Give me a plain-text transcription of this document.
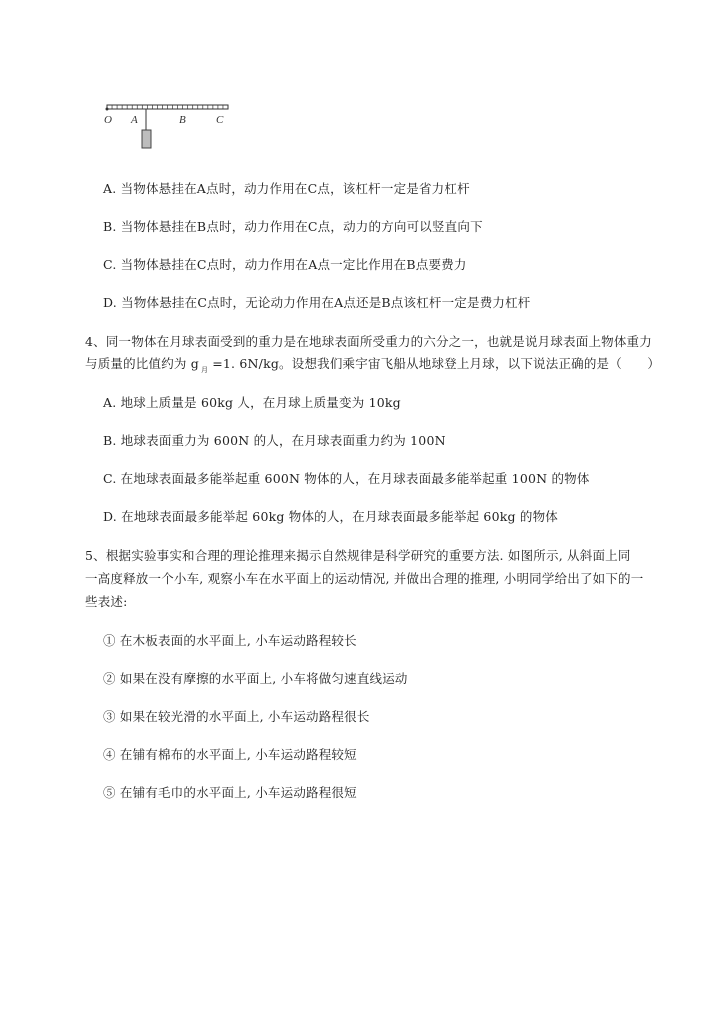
O A	B	C
A. 当物体悬挂在A点时，动力作用在C点，该杠杆一定是省力杠杆
B. 当物体悬挂在B点时，动力作用在C点，动力的方向可以竖直向下
C. 当物体悬挂在C点时，动力作用在A点一定比作用在B点要费力
D. 当物体悬挂在C点时，无论动力作用在A点还是B点该杠杆一定是费力杠杆
4、同一物体在月球表面受到的重力是在地球表面所受重力的六分之一，也就是说月球表面上物体重力
与质量的比值约为 g $_月$ =1. 6N/kg。设想我们乘宇宙飞船从地球登上月球，以下说法正确的是（　　）
A. 地球上质量是 60kg 人，在月球上质量变为 10kg
B. 地球表面重力为 600N 的人，在月球表面重力约为 100N
C. 在地球表面最多能举起重 600N 物体的人，在月球表面最多能举起重 100N 的物体
D. 在地球表面最多能举起 60kg 物体的人，在月球表面最多能举起 60kg 的物体
5、根据实验事实和合理的理论推理来揭示自然规律是科学研究的重要方法. 如图所示, 从斜面上同
一高度释放一个小车, 观察小车在水平面上的运动情况, 并做出合理的推理, 小明同学给出了如下的一
些表述:
① 在木板表面的水平面上, 小车运动路程较长
② 如果在没有摩擦的水平面上, 小车将做匀速直线运动
③ 如果在较光滑的水平面上, 小车运动路程很长
④ 在铺有棉布的水平面上, 小车运动路程较短
⑤ 在铺有毛巾的水平面上, 小车运动路程很短
